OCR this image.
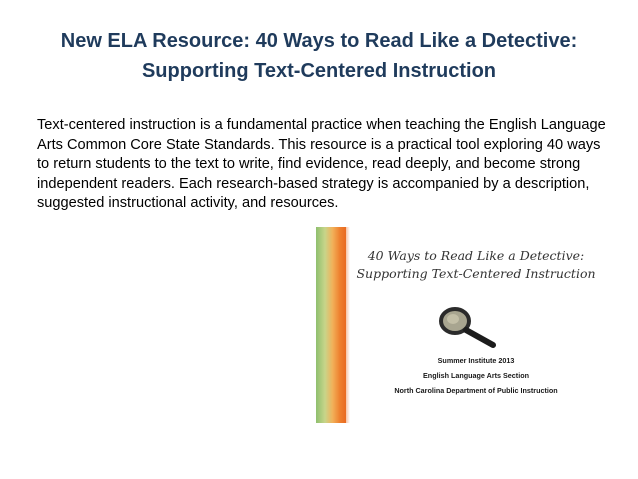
New ELA Resource: 40 Ways to Read Like a Detective:
Supporting Text-Centered Instruction
Text-centered instruction is a fundamental practice when teaching the English Language Arts Common Core State Standards. This resource is a practical tool exploring 40 ways to return students to the text to write, find evidence, read deeply, and become strong independent readers. Each research-based strategy is accompanied by a description, suggested instructional activity, and resources.
40 Ways to Read Like a Detective:
Supporting Text-Centered Instruction
Summer Institute 2013
English Language Arts Section
North Carolina Department of Public Instruction
